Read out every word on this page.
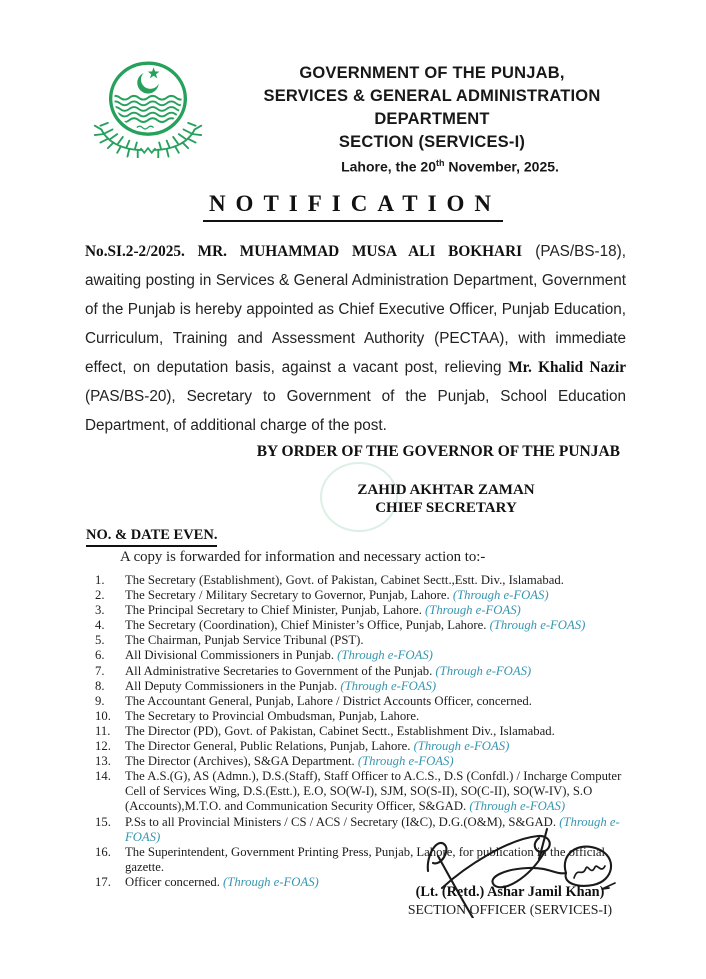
GOVERNMENT OF THE PUNJAB,
SERVICES & GENERAL ADMINISTRATION
DEPARTMENT
SECTION (SERVICES-I)
Lahore, the 20th November, 2025.
NOTIFICATION
No.SI.2-2/2025. MR. MUHAMMAD MUSA ALI BOKHARI (PAS/BS-18), awaiting posting in Services & General Administration Department, Government of the Punjab is hereby appointed as Chief Executive Officer, Punjab Education, Curriculum, Training and Assessment Authority (PECTAA), with immediate effect, on deputation basis, against a vacant post, relieving Mr. Khalid Nazir (PAS/BS-20), Secretary to Government of the Punjab, School Education Department, of additional charge of the post.
BY ORDER OF THE GOVERNOR OF THE PUNJAB
ZAHID AKHTAR ZAMAN
CHIEF SECRETARY
NO. & DATE EVEN.
A copy is forwarded for information and necessary action to:-
1.	The Secretary (Establishment), Govt. of Pakistan, Cabinet Sectt.,Estt. Div., Islamabad.
2.	The Secretary / Military Secretary to Governor, Punjab, Lahore. (Through e-FOAS)
3.	The Principal Secretary to Chief Minister, Punjab, Lahore. (Through e-FOAS)
4.	The Secretary (Coordination), Chief Minister’s Office, Punjab, Lahore. (Through e-FOAS)
5.	The Chairman, Punjab Service Tribunal (PST).
6.	All Divisional Commissioners in Punjab. (Through e-FOAS)
7.	All Administrative Secretaries to Government of the Punjab. (Through e-FOAS)
8.	All Deputy Commissioners in the Punjab. (Through e-FOAS)
9.	The Accountant General, Punjab, Lahore / District Accounts Officer, concerned.
10.	The Secretary to Provincial Ombudsman, Punjab, Lahore.
11.	The Director (PD), Govt. of Pakistan, Cabinet Sectt., Establishment Div., Islamabad.
12.	The Director General, Public Relations, Punjab, Lahore. (Through e-FOAS)
13.	The Director (Archives), S&GA Department. (Through e-FOAS)
14.	The A.S.(G), AS (Admn.), D.S.(Staff), Staff Officer to A.C.S., D.S (Confdl.) / Incharge Computer Cell of Services Wing, D.S.(Estt.), E.O, SO(W-I), SJM, SO(S-II), SO(C-II), SO(W-IV), S.O (Accounts),M.T.O. and Communication Security Officer, S&GAD. (Through e-FOAS)
15.	P.Ss to all Provincial Ministers / CS / ACS / Secretary (I&C), D.G.(O&M), S&GAD. (Through e-FOAS)
16.	The Superintendent, Government Printing Press, Punjab, Lahore, for publication in the official gazette.
17.	Officer concerned. (Through e-FOAS)
(Lt. (Retd.) Ashar Jamil Khan)
SECTION OFFICER (SERVICES-I)
